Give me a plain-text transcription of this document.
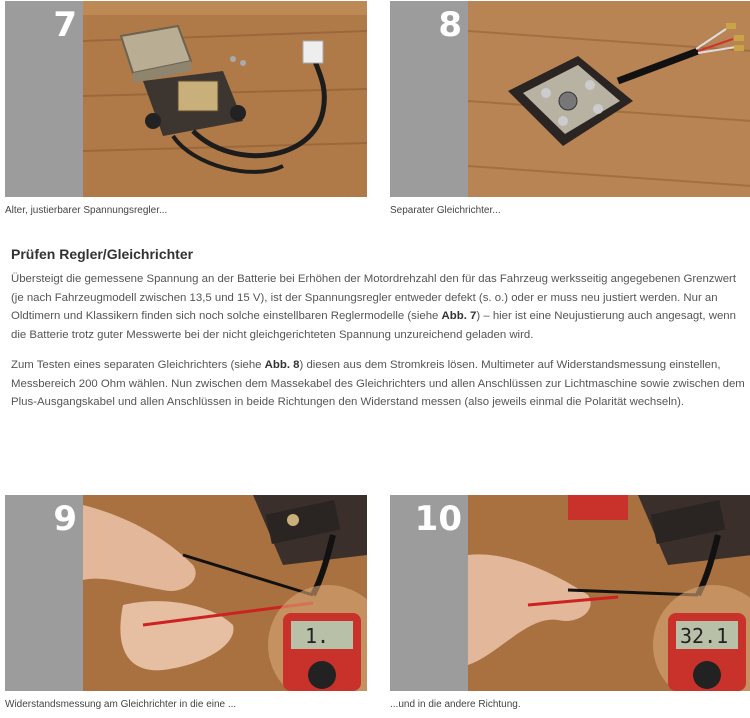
7
Alter, justierbarer Spannungsregler...
8
Separater Gleichrichter...
Prüfen Regler/Gleichrichter

Übersteigt die gemessene Spannung an der Batterie bei Erhöhen der Motordrehzahl den für das Fahrzeug werksseitig angegebenen Grenzwert (je nach Fahrzeugmodell zwischen 13,5 und 15 V), ist der Spannungsregler entweder defekt (s. o.) oder er muss neu justiert werden. Nur an Oldtimern und Klassikern finden sich noch solche einstellbaren Reglermodelle (siehe Abb. 7) – hier ist eine Neujustierung auch angesagt, wenn die Batterie trotz guter Messwerte bei der nicht gleichgerichteten Spannung unzureichend geladen wird.

Zum Testen eines separaten Gleichrichters (siehe Abb. 8) diesen aus dem Stromkreis lösen. Multimeter auf Widerstandsmessung einstellen, Messbereich 200 Ohm wählen. Nun zwischen dem Massekabel des Gleichrichters und allen Anschlüssen zur Lichtmaschine sowie zwischen dem Plus-Ausgangskabel und allen Anschlüssen in beide Richtungen den Widerstand messen (also jeweils einmal die Polarität wechseln).

9
1.
Widerstandsmessung am Gleichrichter in die eine ...
10
32.1
...und in die andere Richtung.
